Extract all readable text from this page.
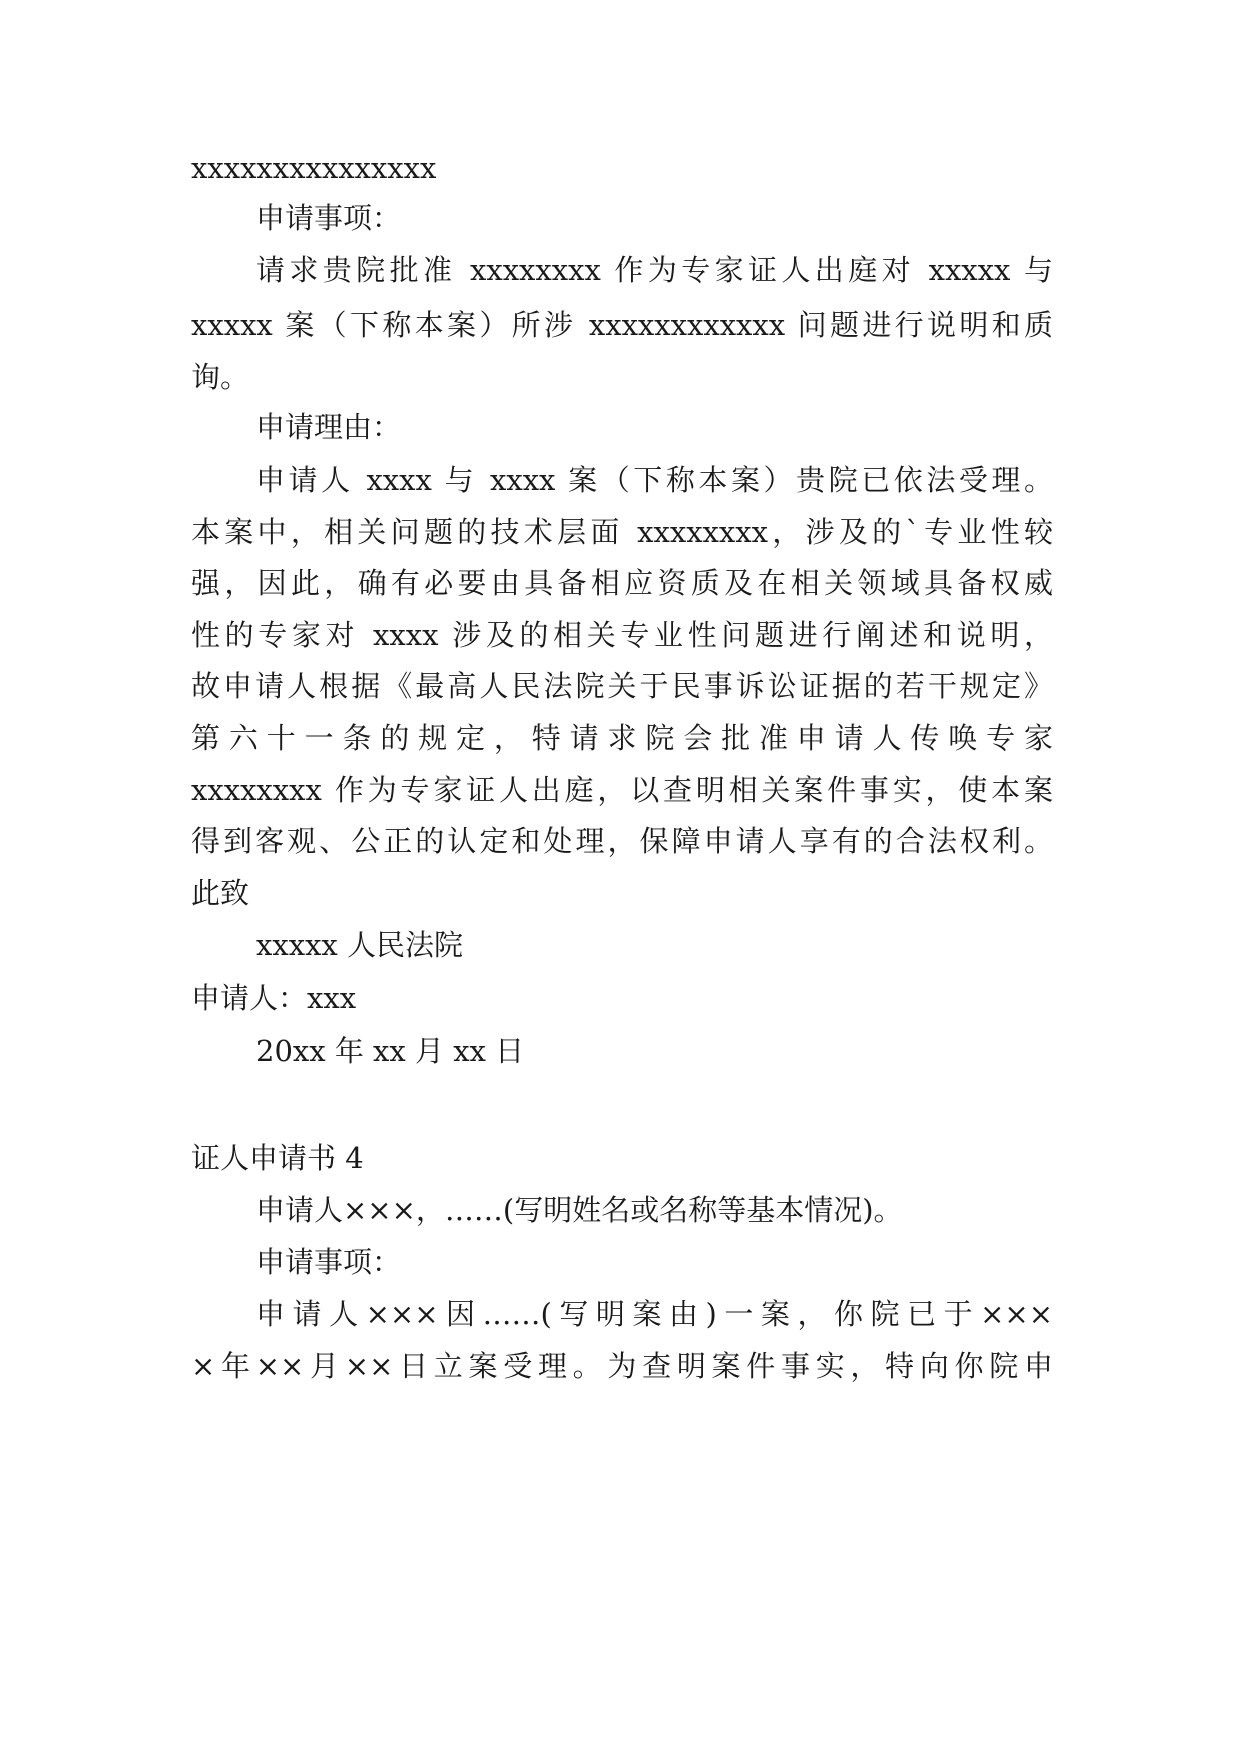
xxxxxxxxxxxxxxx
申请事项：
请求贵院批准 xxxxxxxx 作为专家证人出庭对 xxxxx 与
xxxxx 案（下称本案）所涉 xxxxxxxxxxxx 问题进行说明和质
询。
申请理由：
申请人 xxxx 与 xxxx 案（下称本案）贵院已依法受理。
本案中，相关问题的技术层面 xxxxxxxx，涉及的`专业性较
强，因此，确有必要由具备相应资质及在相关领域具备权威
性的专家对 xxxx 涉及的相关专业性问题进行阐述和说明，
故申请人根据《最高人民法院关于民事诉讼证据的若干规定》
第六十一条的规定，特请求院会批准申请人传唤专家
xxxxxxxx 作为专家证人出庭，以查明相关案件事实，使本案
得到客观、公正的认定和处理，保障申请人享有的合法权利。
此致
xxxxx 人民法院
申请人：xxx
20xx 年 xx 月 xx 日
证人申请书 4
申请人×××，……(写明姓名或名称等基本情况)。
申请事项：
申请人×××因……(写明案由)一案，你院已于×××
×年××月××日立案受理。为查明案件事实，特向你院申
